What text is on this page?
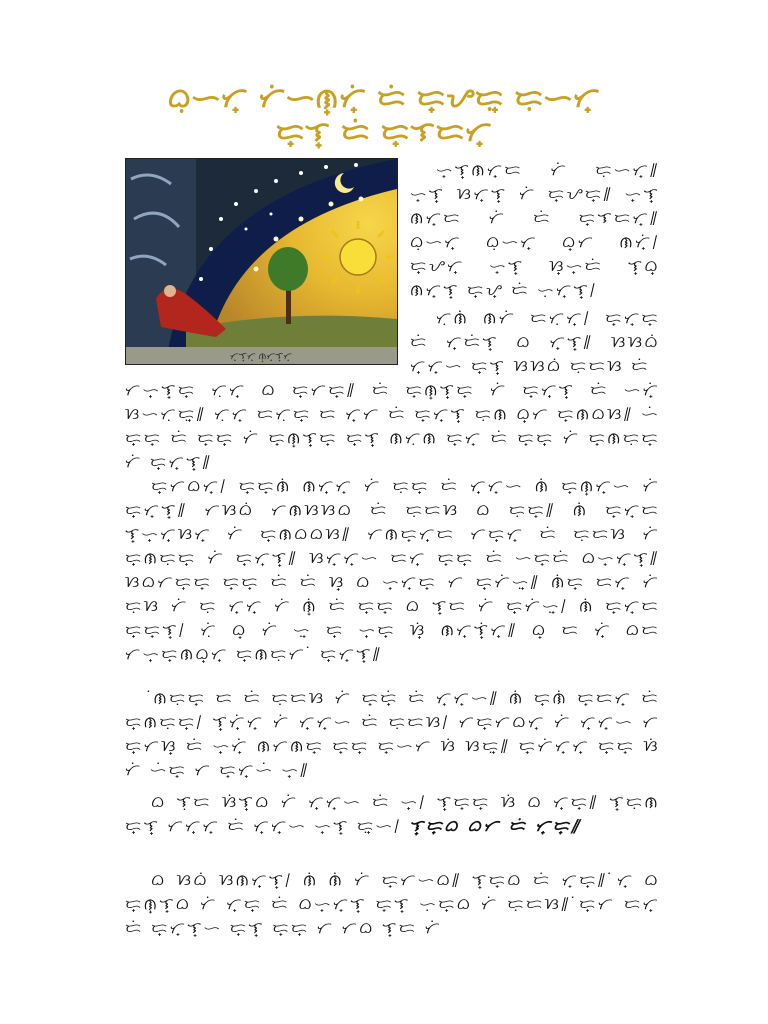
ᜊᜓᜑᜆ᜔ ᜆᜒᜑᜈ᜔ᜆ᜔ᜒ ᜇᜒ ᜇ᜔ᜌᜇᜓ᜔ ᜇᜓᜑᜆ᜔
ᜇ᜔ᜎ᜔ ᜇᜒ ᜇ᜔ᜎᜇᜆ᜔
ᜆ᜔ᜎ᜔ᜆ᜔ ᜈ᜔ᜆ᜔ᜎ᜔ᜆ᜔
ᜑ᜔ᜎ᜔ᜈᜆ᜔ᜇ ᜆᜒ ᜇᜓᜑᜆ᜔᜶ ᜑ᜔ᜎ᜔ ᜐᜆ᜔ᜎ᜔ ᜆᜒ ᜇ᜔ᜌᜇ᜔᜶ ᜑ᜔ᜎ᜔ ᜈᜆ᜔ᜇ ᜆᜒ ᜇᜒ ᜇ᜔ᜎᜇᜆ᜔᜶ ᜊᜓᜑᜆ᜔ ᜊᜓᜑᜆ᜔ ᜊ᜔ᜆ ᜈᜆ᜔ᜒ᜵ ᜇ᜔ᜌᜆ᜔ ᜑ᜔ᜎ᜔ ᜐ᜔ᜑ᜔ᜇᜒ ᜎ᜔ᜊ᜔ ᜈᜆ᜔ᜎ᜔ ᜇ᜔ᜌ᜔ ᜇᜒ ᜑᜓᜆ᜔ᜎ᜔᜵
ᜆᜓᜈᜒ ᜈᜆᜒ ᜇᜆᜓᜆ᜔᜵ ᜇ᜔ᜆ᜔ᜇ᜔ ᜇᜒ ᜆ᜔ᜇᜒᜎ᜔ ᜊ ᜆ᜔ᜎ᜔᜶ ᜐᜐᜊᜒ ᜆ᜔ᜆ᜔ᜑ ᜇ᜔ᜎ᜔ ᜐᜐᜊᜒ ᜇᜓᜇᜐ ᜇᜒ
ᜆᜑ᜔ᜎ᜔ᜇ᜔ ᜆᜓᜆ᜔ ᜊ ᜇ᜔ᜆᜇ᜔᜶ ᜇᜒ ᜇ᜔ᜈ᜔ᜎ᜔ᜇ᜔ ᜆᜒ ᜇ᜔ᜆ᜔ᜎ᜔ ᜇᜒ ᜑᜆ᜔ᜒ ᜐᜑᜆᜓᜇᜓ᜔᜶ ᜆᜓᜆ᜔ ᜇᜆᜓᜇ᜔ ᜇ ᜆ᜔ᜆ ᜇᜒ ᜇ᜔ᜆ᜔ᜎ᜔ ᜇᜓᜈ ᜊ᜔ᜆ ᜇ᜔ᜈᜊᜐ᜶ ᜑᜒ ᜇ᜔ᜇ᜔ ᜇᜒ ᜇ᜔ᜇ᜔ ᜆᜒ ᜇ᜔ᜈ᜔ᜎ᜔ᜇ᜔ ᜇ᜔ᜎ᜔ ᜈᜆᜓᜈ ᜇ᜔ᜆ᜔ ᜇᜒ ᜇ᜔ᜇ᜔ ᜆᜒ ᜇ᜔ᜈᜇᜓᜇ᜔ ᜆᜒ ᜇ᜔ᜆ᜔ᜎ᜔᜶
ᜇ᜔ᜆᜊᜆ᜔᜵ ᜇ᜔ᜇ᜔ᜈᜒ ᜈᜆ᜔ᜆ᜔ ᜆᜒ ᜇᜓᜇ᜔ ᜇᜒ ᜆ᜔ᜆ᜔ᜑ ᜈᜒ ᜇ᜔ᜈ᜔ᜆ᜔ᜑ ᜆᜒ ᜇ᜔ᜆ᜔ᜎ᜔᜶ ᜆᜐᜊᜒ ᜆᜈᜐᜐᜊ ᜇᜒ ᜇᜓᜇᜐ ᜊ ᜇᜓᜇ᜔᜶ ᜈᜒ ᜇ᜔ᜆ᜔ᜇ ᜎ᜔ᜑ᜔ᜆ᜔ᜐᜆ᜔ ᜆᜒ ᜇ᜔ᜈᜊᜊᜐ᜶ ᜆᜈᜇ᜔ᜆ᜔ᜇ ᜆᜇ᜔ᜆ᜔ ᜇᜒ ᜇᜓᜇᜐ ᜆᜒ ᜇ᜔ᜈᜇᜓᜇ᜔ ᜆᜒ ᜇ᜔ᜆ᜔ᜎ᜔᜶ ᜐᜆ᜔ᜆ᜔ᜑ ᜇᜆ᜔ ᜇ᜔ᜇ᜔ ᜇᜒ ᜑᜇ᜔ᜇᜒ ᜊᜑ᜔ᜆ᜔ᜎ᜔᜶ ᜐᜊᜆᜇ᜔ᜇ᜔ ᜇ᜔ᜇ᜔ ᜇᜒ ᜇᜒ ᜐ᜔ ᜊ ᜑ᜔ᜆ᜔ᜇ᜔ ᜆ ᜇ᜔ᜆᜒᜑᜓ᜔᜶ ᜈᜒᜇ᜔ ᜇᜆ᜔ ᜆᜒ ᜇᜓᜐ ᜆᜒ ᜇᜓ ᜆ᜔ᜆ᜔ ᜆᜒ ᜈ᜔ᜒ ᜇᜒ ᜇ᜔ᜇ᜔ ᜊ ᜎ᜔ᜇ ᜆᜒ ᜇ᜔ᜆᜒᜑᜓ᜔᜵ ᜈᜒ ᜇ᜔ᜆ᜔ᜇ ᜇ᜔ᜇ᜔ᜎ᜔᜵ ᜆᜒᜓ ᜊ᜔ ᜆᜒ ᜑᜓ᜔ ᜇ᜔ ᜑ᜔ᜇ᜔ ᜐ᜔ᜒ ᜈᜆ᜔ᜎ᜔ᜒᜆ᜔᜶ ᜊ᜔ ᜇ ᜆ᜔ᜒ ᜊᜇ ᜆᜑ᜔ᜇ᜔ᜈᜊ᜔ᜆ᜔ ᜇ᜔ᜈᜇᜓᜆ ᜒ ᜇ᜔ᜆ᜔ᜎ᜔᜶
ᜒᜈᜇᜓᜇ᜔ ᜇ ᜇᜒ ᜇᜓᜇᜐ ᜆᜒ ᜇ᜔ᜇ᜔ᜒ ᜇᜒ ᜆ᜔ᜆ᜔ᜑ᜶ ᜈᜒ ᜇ᜔ᜈᜒ ᜇ᜔ᜇᜆ᜔ ᜇᜒ ᜇ᜔ᜈᜇᜓᜇ᜔᜵ ᜎ᜔ᜆ᜔ᜒᜆ᜔ ᜆᜒ ᜆ᜔ᜆ᜔ᜑ ᜇᜒ ᜇᜓᜇᜐ᜵ ᜆᜇ᜔ᜆᜊᜆ᜔ ᜆᜒ ᜆ᜔ᜆ᜔ᜑ ᜆ ᜇ᜔ᜆᜐ᜔ ᜇᜒ ᜑ᜔ᜆ᜔ᜒ ᜈᜆᜈᜇ᜔ ᜇ᜔ᜇ᜔ ᜇ᜔ᜑᜆ ᜐᜒ ᜐᜇᜓ᜔᜶ ᜇ᜔ᜆᜒᜆ᜔ᜆ᜔ ᜇ᜔ᜇ᜔ ᜐᜒ ᜆᜒ ᜑᜒᜇ᜔ ᜆ ᜇ᜔ᜆ᜔ᜑᜒ ᜑ᜔᜶
ᜊ ᜎᜓᜇ ᜐᜒᜎ᜔ᜊ ᜆᜒ ᜆ᜔ᜆ᜔ᜑ ᜇᜒ ᜑ᜔᜵ ᜎ᜔ᜇ᜔ᜇ᜔ ᜐᜒ ᜊ ᜆ᜔ᜇ᜔᜶ ᜎ᜔ᜇᜓᜈ ᜇ᜔ᜎ᜔ ᜆᜆ᜔ᜆ᜔ ᜇᜒ ᜆ᜔ᜆ᜔ᜑ ᜑ᜔ᜎ᜔ ᜇᜓ᜔ᜑ᜵ ᜎ᜔ᜇ᜔ᜊ ᜊᜆ ᜇᜒ ᜆ᜔ᜇ᜔᜶
ᜊ ᜐᜊᜒ ᜐᜈᜆ᜔ᜎ᜔᜵ ᜈᜒ ᜈᜒ ᜆᜒ ᜇ᜔ᜆᜑᜊ᜶ ᜎ᜔ᜇ᜔ᜊ ᜇᜒ ᜆ᜔ᜇ᜔᜶ ᜒᜆ᜔ ᜊ ᜇ᜔ᜈ᜔ᜎ᜔ᜊ ᜆᜒ ᜆ᜔ᜇ᜔ ᜇᜒ ᜊᜑ᜔ᜆ᜔ᜎ᜔ ᜇ᜔ᜎ᜔ ᜑᜓᜇ᜔ᜊ ᜆᜒ ᜇᜓᜇᜐ᜶ ᜒᜇ᜔ᜆ ᜇᜆ᜔ ᜇᜒ ᜇ᜔ᜆ᜔ᜎ᜔ᜑ ᜇ᜔ᜎ᜔ ᜇ᜔ᜇ᜔ ᜆ ᜆᜊ ᜎ᜔ᜇ ᜆᜒ
